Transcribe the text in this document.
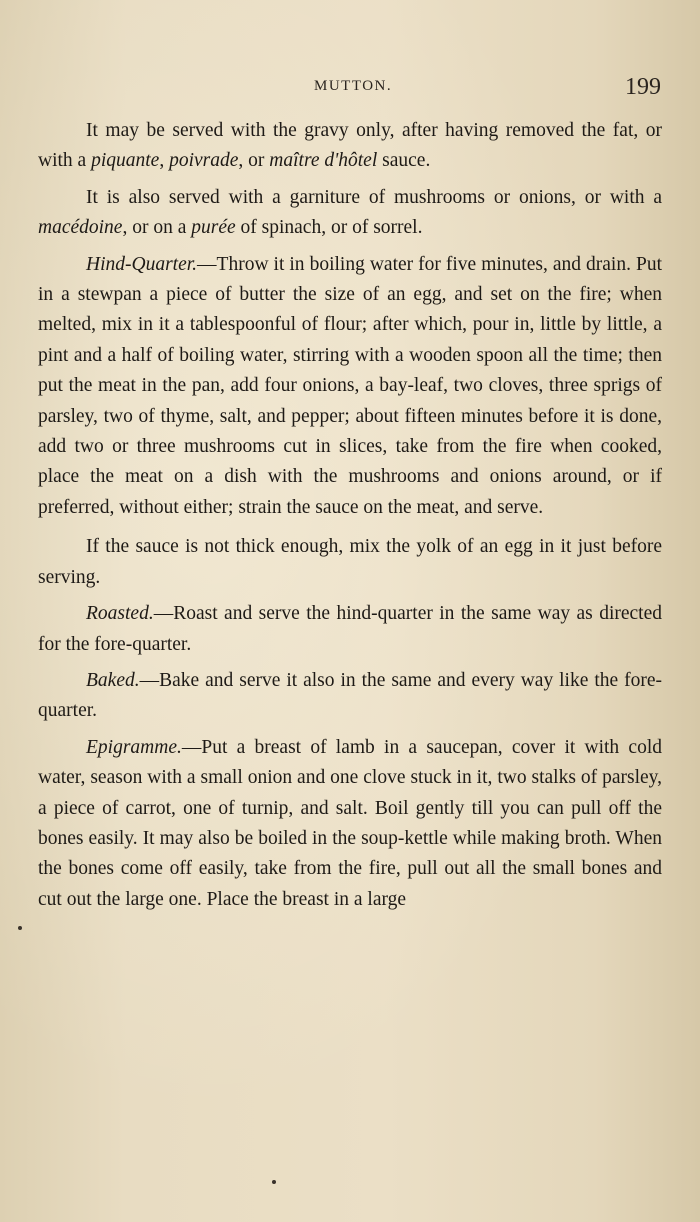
MUTTON.	199

It may be served with the gravy only, after having removed the fat, or with a piquante, poivrade, or maître d'hôtel sauce.

It is also served with a garniture of mushrooms or onions, or with a macédoine, or on a purée of spinach, or of sorrel.

Hind-Quarter.—Throw it in boiling water for five minutes, and drain. Put in a stewpan a piece of butter the size of an egg, and set on the fire; when melted, mix in it a tablespoonful of flour; after which, pour in, little by little, a pint and a half of boiling water, stirring with a wooden spoon all the time; then put the meat in the pan, add four onions, a bay-leaf, two cloves, three sprigs of parsley, two of thyme, salt, and pepper; about fifteen minutes before it is done, add two or three mushrooms cut in slices, take from the fire when cooked, place the meat on a dish with the mushrooms and onions around, or if preferred, without either; strain the sauce on the meat, and serve.

If the sauce is not thick enough, mix the yolk of an egg in it just before serving.

Roasted.—Roast and serve the hind-quarter in the same way as directed for the fore-quarter.

Baked.—Bake and serve it also in the same and every way like the fore-quarter.

Epigramme.—Put a breast of lamb in a saucepan, cover it with cold water, season with a small onion and one clove stuck in it, two stalks of parsley, a piece of carrot, one of turnip, and salt. Boil gently till you can pull off the bones easily. It may also be boiled in the soup-kettle while making broth. When the bones come off easily, take from the fire, pull out all the small bones and cut out the large one. Place the breast in a large
